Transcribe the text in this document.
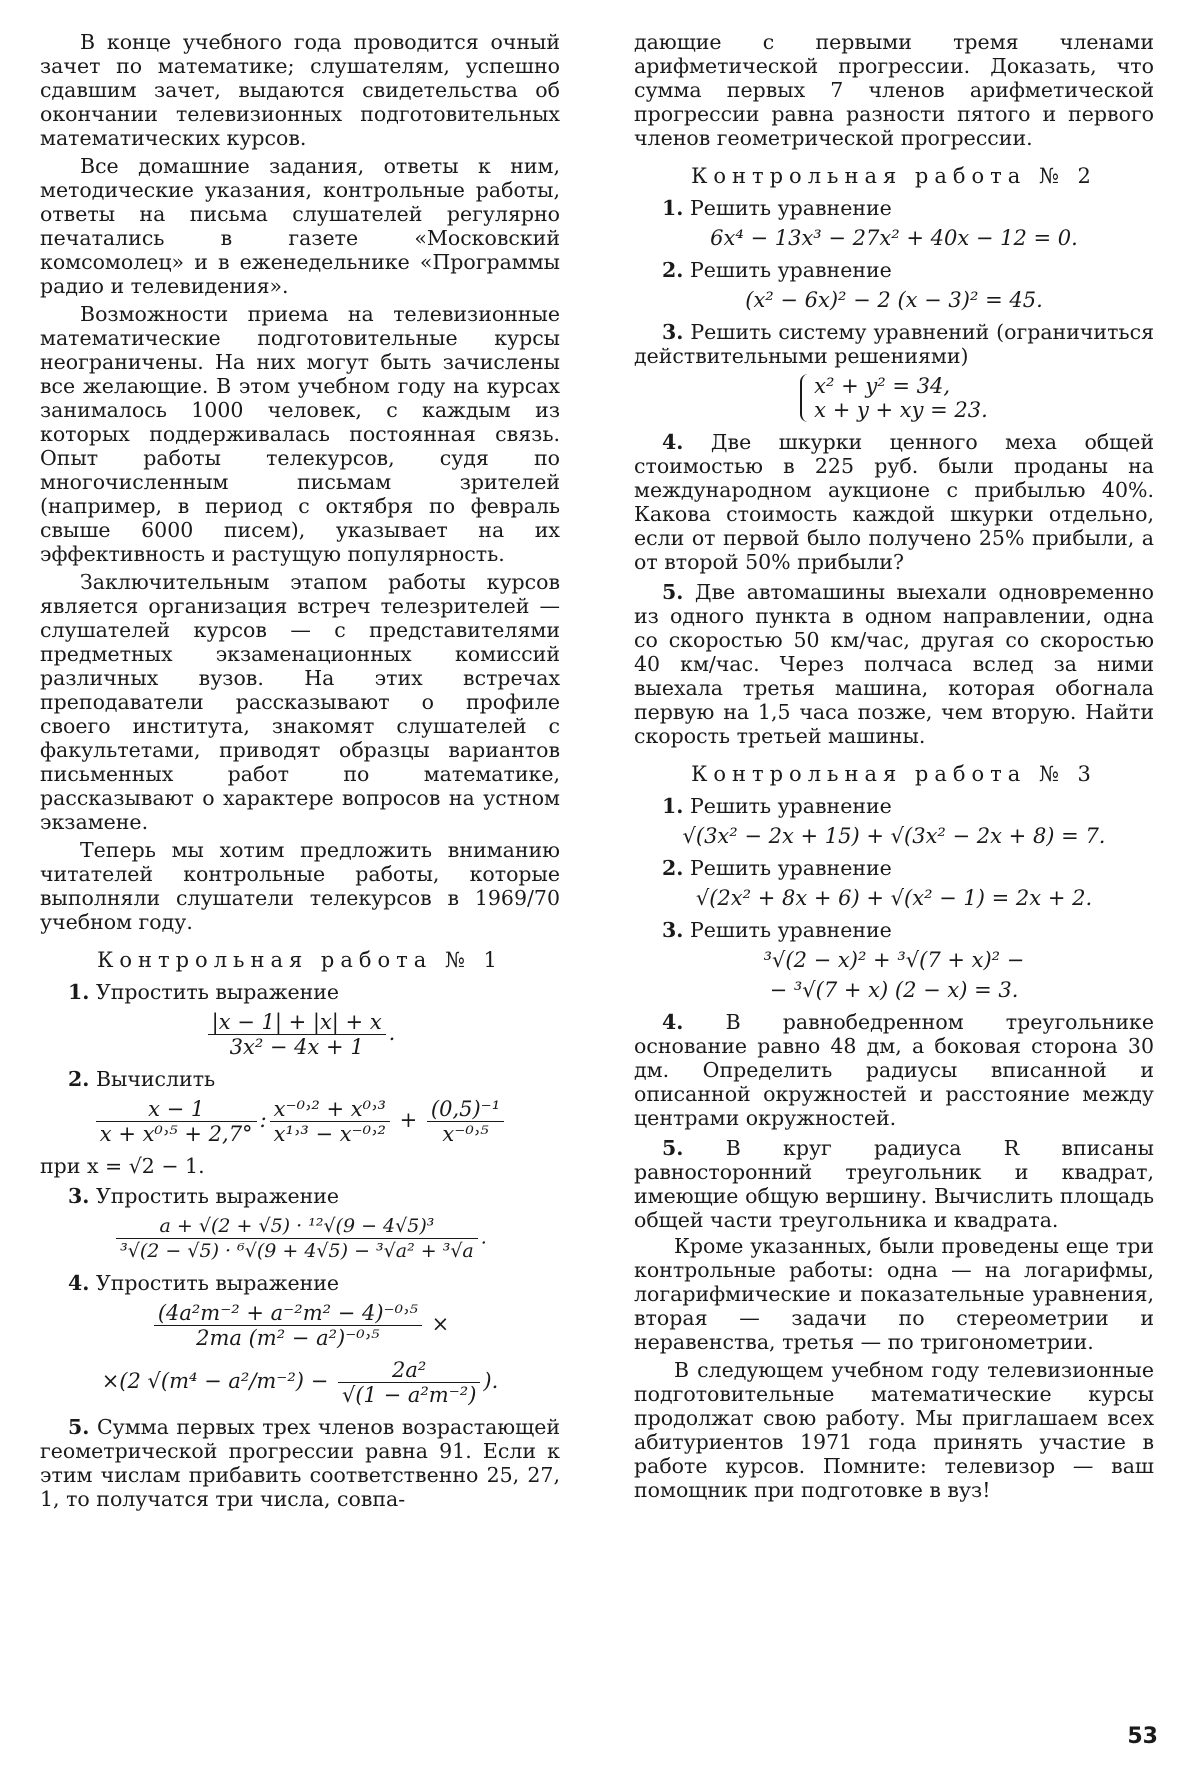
В конце учебного года проводится очный зачет по математике; слушателям, успешно сдавшим зачет, выдаются свидетельства об окончании телевизионных подготовительных математических курсов.

Все домашние задания, ответы к ним, методические указания, контрольные работы, ответы на письма слушателей регулярно печатались в газете «Московский комсомолец» и в еженедельнике «Программы радио и телевидения».

Возможности приема на телевизионные математические подготовительные курсы неограничены. На них могут быть зачислены все желающие. В этом учебном году на курсах занималось 1000 человек, с каждым из которых поддерживалась постоянная связь. Опыт работы телекурсов, судя по многочисленным письмам зрителей (например, в период с октября по февраль свыше 6000 писем), указывает на их эффективность и растущую популярность.

Заключительным этапом работы курсов является организация встреч телезрителей — слушателей курсов — с представителями предметных экзаменационных комиссий различных вузов. На этих встречах преподаватели рассказывают о профиле своего института, знакомят слушателей с факультетами, приводят образцы вариантов письменных работ по математике, рассказывают о характере вопросов на устном экзамене.

Теперь мы хотим предложить вниманию читателей контрольные работы, которые выполняли слушатели телекурсов в 1969/70 учебном году.

Контрольная работа № 1
1. Упростить выражение
$\frac{|x - 1| + |x| + x}{\text{3x² − 4x + 1}}$ .
2. Вычислить
$\frac{x - 1}{\text{x + x⁰˒⁵ + 2,7°}}$ : $\frac{\text{x⁻⁰˒² + x⁰˒³}}{\text{x¹˒³ − x⁻⁰˒²}} + \frac{\text{(0,5)⁻¹}}{\text{x⁻⁰˒⁵}}$
при x = √2 − 1.
3. Упростить выражение
$\frac{\text{a + √(2 + √5) · ¹²√(9 − 4√5)³}}{\text{³√(2 − √5) · ⁶√(9 + 4√5) − ³√a² + ³√a}}$ .
4. Упростить выражение
$\frac{\text{(4a²m⁻² + a⁻²m² − 4)⁻⁰˒⁵}}{\text{2ma (m² − a²)⁻⁰˒⁵}}$ ×
×(2 $√(m^4 - a^2/m^{-2}) - \frac{\text{2a²}}{\text{√(1 − a²m⁻²)}}$ ).
5. Сумма первых трех членов возрастающей геометрической прогрессии равна 91. Если к этим числам прибавить соответственно 25, 27, 1, то получатся три числа, совпа-

дающие с первыми тремя членами арифметической прогрессии. Доказать, что сумма первых 7 членов арифметической прогрессии равна разности пятого и первого членов геометрической прогрессии.

Контрольная работа № 2
1. Решить уравнение
6x⁴ − 13x³ − 27x² + 40x − 12 = 0.
2. Решить уравнение
(x² − 6x)² − 2 (x − 3)² = 45.
3. Решить систему уравнений (ограничиться действительными решениями)
x² + y² = 34,
x + y + xy = 23.
4. Две шкурки ценного меха общей стоимостью в 225 руб. были проданы на международном аукционе с прибылью 40%. Какова стоимость каждой шкурки отдельно, если от первой было получено 25% прибыли, а от второй 50% прибыли?
5. Две автомашины выехали одновременно из одного пункта в одном направлении, одна со скоростью 50 км/час, другая со скоростью 40 км/час. Через полчаса вслед за ними выехала третья машина, которая обогнала первую на 1,5 часа позже, чем вторую. Найти скорость третьей машины.
Контрольная работа № 3
1. Решить уравнение
√(3x² − 2x + 15) + √(3x² − 2x + 8) = 7.
2. Решить уравнение
√(2x² + 8x + 6) + √(x² − 1) = 2x + 2.
3. Решить уравнение
³√(2 − x)² + ³√(7 + x)² −
− ³√(7 + x) (2 − x) = 3.
4. В равнобедренном треугольнике основание равно 48 дм, а боковая сторона 30 дм. Определить радиусы вписанной и описанной окружностей и расстояние между центрами окружностей.
5. В круг радиуса R вписаны равносторонний треугольник и квадрат, имеющие общую вершину. Вычислить площадь общей части треугольника и квадрата.

Кроме указанных, были проведены еще три контрольные работы: одна — на логарифмы, логарифмические и показательные уравнения, вторая — задачи по стереометрии и неравенства, третья — по тригонометрии.

В следующем учебном году телевизионные подготовительные математические курсы продолжат свою работу. Мы приглашаем всех абитуриентов 1971 года принять участие в работе курсов. Помните: телевизор — ваш помощник при подготовке в вуз!

53
